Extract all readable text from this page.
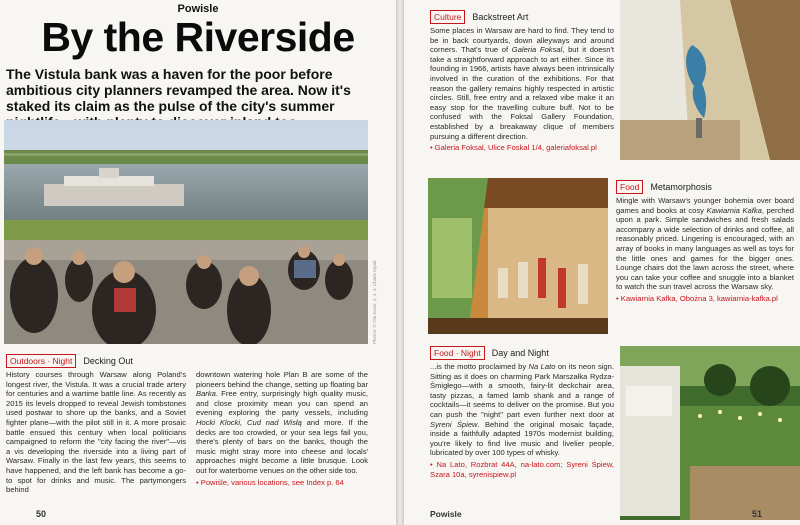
Powisle
By the Riverside
The Vistula bank was a haven for the poor before ambitious city planners revamped the area. Now it's staked its claim as the pulse of the city's summer
Photos: © Ola Zuwo, 2, 3, 4; Charis Arpak
Outdoors · Night	Decking Out
History courses through Warsaw along Poland's longest river, the Vistula. It was a crucial trade artery for centuries and a wartime battle line. As recently as 2015 its levels dropped to reveal Jewish tombstones used postwar to shore up the banks, and a Soviet fighter plane—with the pilot still in it. A more prosaic battle ensued this century when local politicians campaigned to reform the "city facing the river"—vis a vis developing the riverside into a living part of Warsaw. Finally in the last few years, this seems to have happened, and the left bank has become a go-to spot for drinks and music. The partymongers behind
downtown watering hole Plan B are some of the pioneers behind the change, setting up floating bar Barka. Free entry, surprisingly high quality music, and close proximity mean you can spend an evening exploring the party vessels, including Hocki Klocki, Cud nad Wisłą and more. If the decks are too crowded, or your sea legs fail you, there's plenty of bars on the banks, though the music might stray more into cheese and locals' approaches might become a little brusque. Look out for waterborne venues on the other side too.
• Powiśle, various locations, see Index p. 64
50
Culture	Backstreet Art
Some places in Warsaw are hard to find. They tend to be in back courtyards, down alleyways and around corners. That's true of Galeria Foksal, but it doesn't take a straightforward approach to art either. Since its founding in 1966, artists have always been intrinsically involved in the curation of the exhibitions. For that reason the gallery remains highly respected in artistic circles. Still, free entry and a relaxed vibe make it an easy stop for the travelling culture buff. Not to be confused with the Foksal Gallery Foundation, established by a breakaway clique of members pursuing a different direction.
• Galeria Foksal, Ulice Foskal 1/4, galeriafoksal.pl
Food	Metamorphosis
Mingle with Warsaw's younger bohemia over board games and books at cosy Kawiarnia Kafka, perched upon a park. Simple sandwiches and fresh salads accompany a wide selection of drinks and coffee, all reasonably priced. Lingering is encouraged, with an array of books in many languages as well as toys for the little ones and games for the bigger ones. Lounge chairs dot the lawn across the street, where you can take your coffee and snuggle into a blanket to watch the sun travel across the Warsaw sky.
• Kawiarnia Kafka, Obożna 3, kawiarnia-kafka.pl
Food · Night	Day and Night
...is the motto proclaimed by Na Lato on its neon sign. Sitting as it does on charming Park Marszałka Rydza-Śmigłego—with a smooth, fairy-lit deckchair area, tasty pizzas, a famed lamb shank and a range of cocktails—it seems to deliver on the promise. But you can push the "night" part even further next door at Syreni Śpiew. Behind the original mosaic façade, inside a faithfully adapted 1970s modernist building, you're likely to find live music and livelier people, lubricated by over 100 types of whisky.
• Na Lato, Rozbrat 44A, na-lato.com; Syreni Śpiew, Szara 10a, syrenispiew.pl
Powisle	51
